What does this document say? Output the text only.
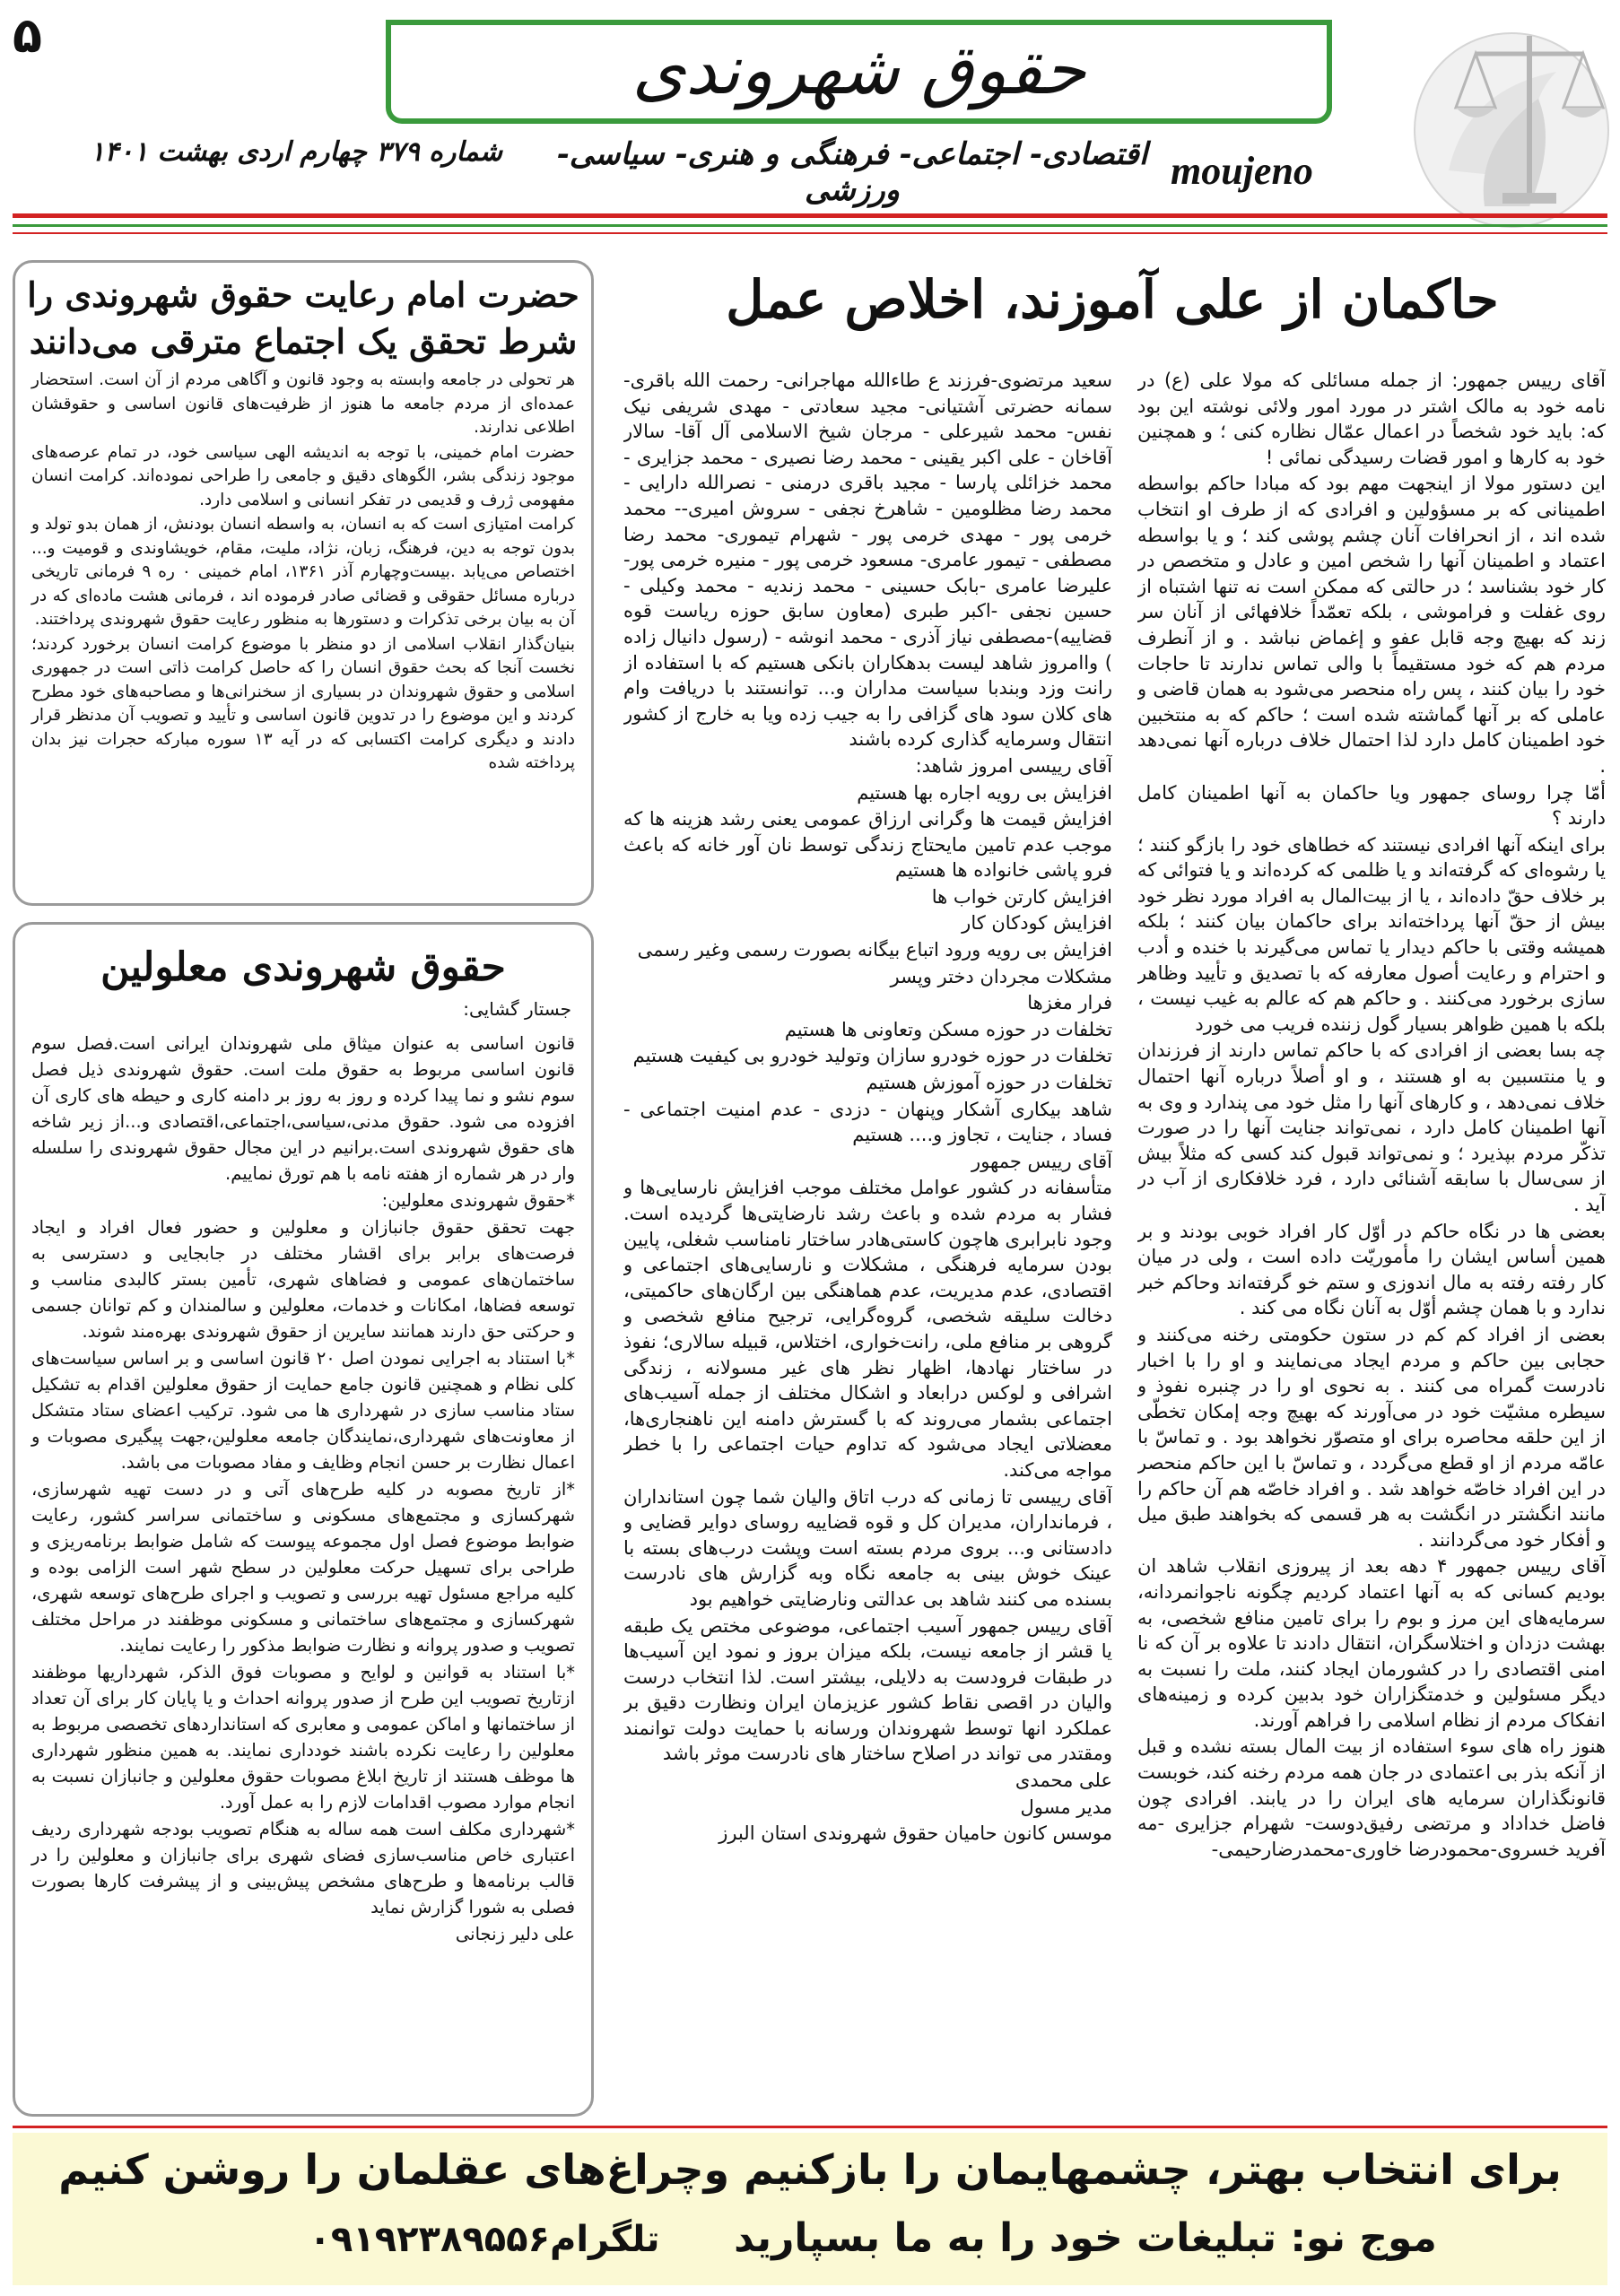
۵	حقوق شهروندی
moujeno
اقتصادی- اجتماعی- فرهنگی و هنری- سیاسی- ورزشی
شماره ۳۷۹ چهارم اردی بهشت ۱۴۰۱
حاکمان از علی آموزند، اخلاص عمل

آقای رییس جمهور: از جمله مسائلی که مولا علی (ع) در نامه خود به مالک اشتر در مورد امور ولائی نوشته این بود که: باید خود شخصاً در اعمال عمّال نظاره کنی ؛ و همچنین خود به کارها و امور قضات رسیدگی نمائی !

این دستور مولا از اینجهت مهم بود که مبادا حاکم بواسطه اطمینانی که بر مسؤولین و افرادی که از طرف او انتخاب شده اند ، از انحرافات آنان چشم پوشی کند ؛ و یا بواسطه اعتماد و اطمینان آنها را شخص امین و عادل و متخصص در کار خود بشناسد ؛ در حالتی که ممکن است نه تنها اشتباه از روی غفلت و فراموشی ، بلکه تعمّداً خلافهائی از آنان سر زند که بهیچ وجه قابل عفو و إغماض نباشد . و از آنطرف مردم هم که خود مستقیماً با والی تماس ندارند تا حاجات خود را بیان کنند ، پس راه منحصر می‌شود به همان قاضی و عاملی که بر آنها گماشته شده است ؛ حاکم که به منتخبین خود اطمینان کامل دارد لذا احتمال خلاف درباره آنها نمی‌دهد .

أمّا چرا روسای جمهور ویا حاکمان به آنها اطمینان کامل دارند ؟

برای اینکه آنها افرادی نیستند که خطاهای خود را بازگو کنند ؛ یا رشوه‌ای که گرفته‌اند و یا ظلمی که کرده‌اند و یا فتوائی که بر خلاف حقّ داده‌اند ، یا از بیت‌المال به افراد مورد نظر خود بیش از حقّ آنها پرداخته‌اند برای حاکمان بیان کنند ؛ بلکه همیشه وقتی با حاکم دیدار یا تماس می‌گیرند با خنده و أدب و احترام و رعایت أصول معارفه که با تصدیق و تأیید وظاهر سازی برخورد می‌کنند . و حاکم هم که عالم به غیب نیست ، بلکه با همین ظواهر بسیار گول زننده فریب می خورد

چه بسا بعضی از افرادی که با حاکم تماس دارند از فرزندان و یا منتسبین به او هستند ، و او أصلاً درباره آنها احتمال خلاف نمی‌دهد ، و کارهای آنها را مثل خود می پندارد و وی به آنها اطمینان کامل دارد ، نمی‌تواند جنایت آنها را در صورت تذکّر مردم بپذیرد ؛ و نمی‌تواند قبول کند کسی که مثلاً بیش از سی‌سال با سابقه آشنائی دارد ، فرد خلافکاری از آب در آید .

بعضی ها در نگاه حاکم در أوّل کار افراد خوبی بودند و بر همین أساس ایشان را مأموریّت داده است ، ولی در میان کار رفته رفته به مال اندوزی و ستم خو گرفته‌اند وحاکم خبر ندارد و با همان چشم أوّل به آنان نگاه می کند .

بعضی از افراد کم کم در ستون حکومتی رخنه می‌کنند و حجابی بین حاکم و مردم ایجاد می‌نمایند و او را با اخبار نادرست گمراه می کنند . به نحوی او را در چنبره نفوذ و سیطره مشیّت خود در می‌آورند که بهیچ وجه إمکان تخطّی از این حلقه محاصره برای او متصوّر نخواهد بود . و تماسّ با عامّه مردم از او قطع می‌گردد ، و تماسّ با این حاکم منحصر در این افراد خاصّه خواهد شد . و افراد خاصّه هم آن حاکم را مانند انگشتر در انگشت به هر قسمی که بخواهند طبق میل و أفکار خود می‌گردانند .

آقای رییس جمهور ۴ دهه بعد از پیروزی انقلاب شاهد ان بودیم کسانی که به آنها اعتماد کردیم چگونه ناجوانمردانه، سرمایه‌های این مرز و بوم را برای تامین منافع شخصی، به بهشت دزدان و اختلاسگران، انتقال دادند تا علاوه بر آن که نا امنی اقتصادی را در کشورمان ایجاد کنند، ملت را نسبت به دیگر مسئولین و خدمتگزاران خود بدبین کرده و زمینه‌های انفکاک مردم از نظام اسلامی را فراهم آورند.

هنوز راه های سوء استفاده از بیت المال بسته نشده و قبل از آنکه بذر بی اعتمادی در جان همه مردم رخنه کند، خوبست قانونگذاران سرمایه های ایران را در یابند. افرادی چون فاضل خداداد و مرتضی رفیق‌دوست- شهرام جزایری -مه آفرید خسروی-محمودرضا خاوری-محمدرضارحیمی-

سعید مرتضوی-فرزند ع طاءالله مهاجرانی- رحمت الله باقری- سمانه حضرتی آشتیانی- مجید سعادتی - مهدی شریفی نیک نفس- محمد شیرعلی - مرجان شیخ الاسلامی آل آقا- سالار آقاخان - علی اکبر یقینی - محمد رضا نصیری - محمد جزایری - محمد خزائلی پارسا - مجید باقری درمنی - نصرالله دارایی - محمد رضا مظلومین - شاهرخ نجفی - سروش امیری-- محمد خرمی پور - مهدی خرمی پور - شهرام تیموری- محمد رضا مصطفی - تیمور عامری- مسعود خرمی پور - منیره خرمی پور- علیرضا عامری -بابک حسینی - محمد زندیه - محمد وکیلی - حسین نجفی -اکبر طبری (معاون سابق حوزه ریاست قوه قضاییه)-مصطفی نیاز آذری - محمد انوشه - (رسول دانیال زاده ) واامروز شاهد لیست بدهکاران بانکی هستیم که با استفاده از رانت وزد وبندبا سیاست مداران و... توانستند با دریافت وام های کلان سود های گزافی را به جیب زده ویا به خارج از کشور انتقال وسرمایه گذاری کرده باشند

آقای رییسی امروز شاهد:

افزایش بی رویه اجاره بها هستیم

افزایش قیمت ها وگرانی ارزاق عمومی یعنی رشد هزینه ها که موجب عدم تامین مایحتاج زندگی توسط نان آور خانه که باعث فرو پاشی خانواده ها هستیم

افزایش کارتن خواب ها

افزایش کودکان کار

افزایش بی رویه ورود اتباع بیگانه بصورت رسمی وغیر رسمی

مشکلات مجردان دختر وپسر

فرار مغزها

تخلفات در حوزه مسکن وتعاونی ها هستیم

تخلفات در حوزه خودرو سازان وتولید خودرو بی کیفیت هستیم

تخلفات در حوزه آموزش هستیم

شاهد بیکاری آشکار وپنهان - دزدی - عدم امنیت اجتماعی - فساد ، جنایت ، تجاوز و.... هستیم

آقای رییس جمهور

متأسفانه در کشور عوامل مختلف موجب افزایش نارسایی‌ها و فشار به مردم شده و باعث رشد نارضایتی‌ها گردیده است. وجود نابرابری هاچون کاستی‌هادر ساختار نامناسب شغلی، پایین بودن سرمایه فرهنگی ، مشکلات و نارسایی‌های اجتماعی و اقتصادی، عدم مدیریت، عدم هماهنگی بین ارگان‌های حاکمیتی، دخالت سلیقه شخصی، گروه‌گرایی، ترجیح منافع شخصی و گروهی بر منافع ملی، رانت‌خواری، اختلاس، قبیله سالاری؛ نفوذ در ساختار نهادها، اظهار نظر های غیر مسولانه ، زندگی اشرافی و لوکس درابعاد و اشکال مختلف از جمله آسیب‌های اجتماعی بشمار می‌روند که با گسترش دامنه این ناهنجاری‌ها، معضلاتی ایجاد می‌شود که تداوم حیات اجتماعی را با خطر مواجه می‌کند.

آقای رییسی تا زمانی که درب اتاق والیان شما چون استانداران ، فرمانداران، مدیران کل و قوه قضاییه روسای دوایر قضایی و دادستانی و... بروی مردم بسته است وپشت درب‌های بسته با عینک خوش بینی به جامعه نگاه وبه گزارش های نادرست بسنده می کنند شاهد بی عدالتی ونارضایتی خواهیم بود

آقای رییس جمهور آسیب اجتماعی، موضوعی مختص یک طبقه یا قشر از جامعه نیست، بلکه میزان بروز و نمود این آسیب‌ها در طبقات فرودست به دلایلی، بیشتر است. لذا انتخاب درست والیان در اقصی نقاط کشور عزیزمان ایران ونظارت دقیق بر عملکرد انها توسط شهروندان ورسانه با حمایت دولت توانمند ومقتدر می تواند در اصلاح ساختار های نادرست موثر باشد

علی محمدی

مدیر مسول

موسس کانون حامیان حقوق شهروندی استان البرز

حضرت امام رعایت حقوق شهروندی را
شرط تحقق یک اجتماع مترقی می‌دانند

هر تحولی در جامعه وابسته به وجود قانون و آگاهی مردم از آن است. استحضار عمده‌ای از مردم جامعه ما هنوز از ظرفیت‌های قانون اساسی و حقوقشان اطلاعی ندارند.

حضرت امام خمینی، با توجه به اندیشه الهی سیاسی خود، در تمام عرصه‌های موجود زندگی بشر، الگوهای دقیق و جامعی را طراحی نموده‌اند. کرامت انسان مفهومی ژرف و قدیمی در تفکر انسانی و اسلامی دارد.

کرامت امتیازی است که به انسان، به واسطه انسان بودنش، از همان بدو تولد و بدون توجه به دین، فرهنگ، زبان، نژاد، ملیت، مقام، خویشاوندی و قومیت و... اختصاص می‌یابد .بیست‌وچهارم آذر ۱۳۶۱، امام خمینی ۰ ره ۹ فرمانی تاریخی درباره مسائل حقوقی و قضائی صادر فرموده اند ، فرمانی هشت ماده‌ای که در آن به بیان برخی تذکرات و دستورها به منظور رعایت حقوق شهروندی پرداختند.

بنیان‌گذار انقلاب اسلامی از دو منظر با موضوع کرامت انسان برخورد کردند؛ نخست آنجا که بحث حقوق انسان را که حاصل کرامت ذاتی است در جمهوری اسلامی و حقوق شهروندان در بسیاری از سخنرانی‌ها و مصاحبه‌های خود مطرح کردند و این موضوع را در تدوین قانون اساسی و تأیید و تصویب آن مدنظر قرار دادند و دیگری کرامت اکتسابی که در آیه ۱۳ سوره مبارکه حجرات نیز بدان پرداخته شده

حقوق شهروندی معلولین
جستار گشایی:

قانون اساسی به عنوان میثاق ملی شهروندان ایرانی است.فصل سوم قانون اساسی مربوط به حقوق ملت است. حقوق شهروندی ذیل فصل سوم نشو و نما پیدا کرده و روز به روز بر دامنه کاری و حیطه های کاری آن افزوده می شود. حقوق مدنی،سیاسی،اجتماعی،اقتصادی و...از زیر شاخه های حقوق شهروندی است.برانیم در این مجال حقوق شهروندی را سلسله وار در هر شماره از هفته نامه با هم تورق نماییم.

*حقوق شهروندی معلولین:

جهت تحقق حقوق جانبازان و معلولین و حضور فعال افراد و ایجاد فرصت‌های برابر برای اقشار مختلف در جابجایی و دسترسی به ساختمان‌های عمومی و فضاهای شهری، تأمین بستر کالبدی مناسب و توسعه فضاها، امکانات و خدمات، معلولین و سالمندان و کم توانان جسمی و حرکتی حق دارند همانند سایرین از حقوق شهروندی بهره‌مند شوند.

*با استناد به اجرایی نمودن اصل ۲۰ قانون اساسی و بر اساس سیاست‌های کلی نظام و همچنین قانون جامع حمایت از حقوق معلولین اقدام به تشکیل ستاد مناسب سازی در شهرداری ها می شود. ترکیب اعضای ستاد متشکل از معاونت‌های شهرداری،نمایندگان جامعه معلولین،جهت پیگیری مصوبات و اعمال نظارت بر حسن انجام وظایف و مفاد مصوبات می باشد.

*از تاریخ مصوبه در کلیه طرح‌های آتی و در دست تهیه شهرسازی، شهرکسازی و مجتمع‌های مسکونی و ساختمانی سراسر کشور، رعایت ضوابط موضوع فصل اول مجموعه پیوست که شامل ضوابط برنامه‌ریزی و طراحی برای تسهیل حرکت معلولین در سطح شهر است الزامی بوده و کلیه مراجع مسئول تهیه بررسی و تصویب و اجرای طرح‌های توسعه شهری، شهرکسازی و مجتمع‌های ساختمانی و مسکونی موظفند در مراحل مختلف تصویب و صدور پروانه و نظارت ضوابط مذکور را رعایت نمایند.

*با استناد به قوانین و لوایح و مصوبات فوق الذکر، شهرداریها موظفند ازتاریخ تصویب این طرح از صدور پروانه احداث و یا پایان کار برای آن تعداد از ساختمانها و اماکن عمومی و معابری که استانداردهای تخصصی مربوط به معلولین را رعایت نکرده باشند خودداری نمایند. به همین منظور شهرداری ها موظف هستند از تاریخ ابلاغ مصوبات حقوق معلولین و جانبازان نسبت به انجام موارد مصوب اقدامات لازم را به عمل آورد.

*شهرداری مکلف است همه ساله به هنگام تصویب بودجه شهرداری ردیف اعتباری خاص مناسب‌سازی فضای شهری برای جانبازان و معلولین را در قالب برنامه‌ها و طرح‌های مشخص پیش‌بینی و از پیشرفت کارها بصورت فصلی به شورا گزارش نماید

علی دلیر زنجانی

برای انتخاب بهتر، چشمهایمان را بازکنیم وچراغ‌های عقلمان را روشن کنیم
موج نو: تبلیغات خود را به ما بسپارید
تلگرام۰۹۱۹۲۳۸۹۵۵۶
